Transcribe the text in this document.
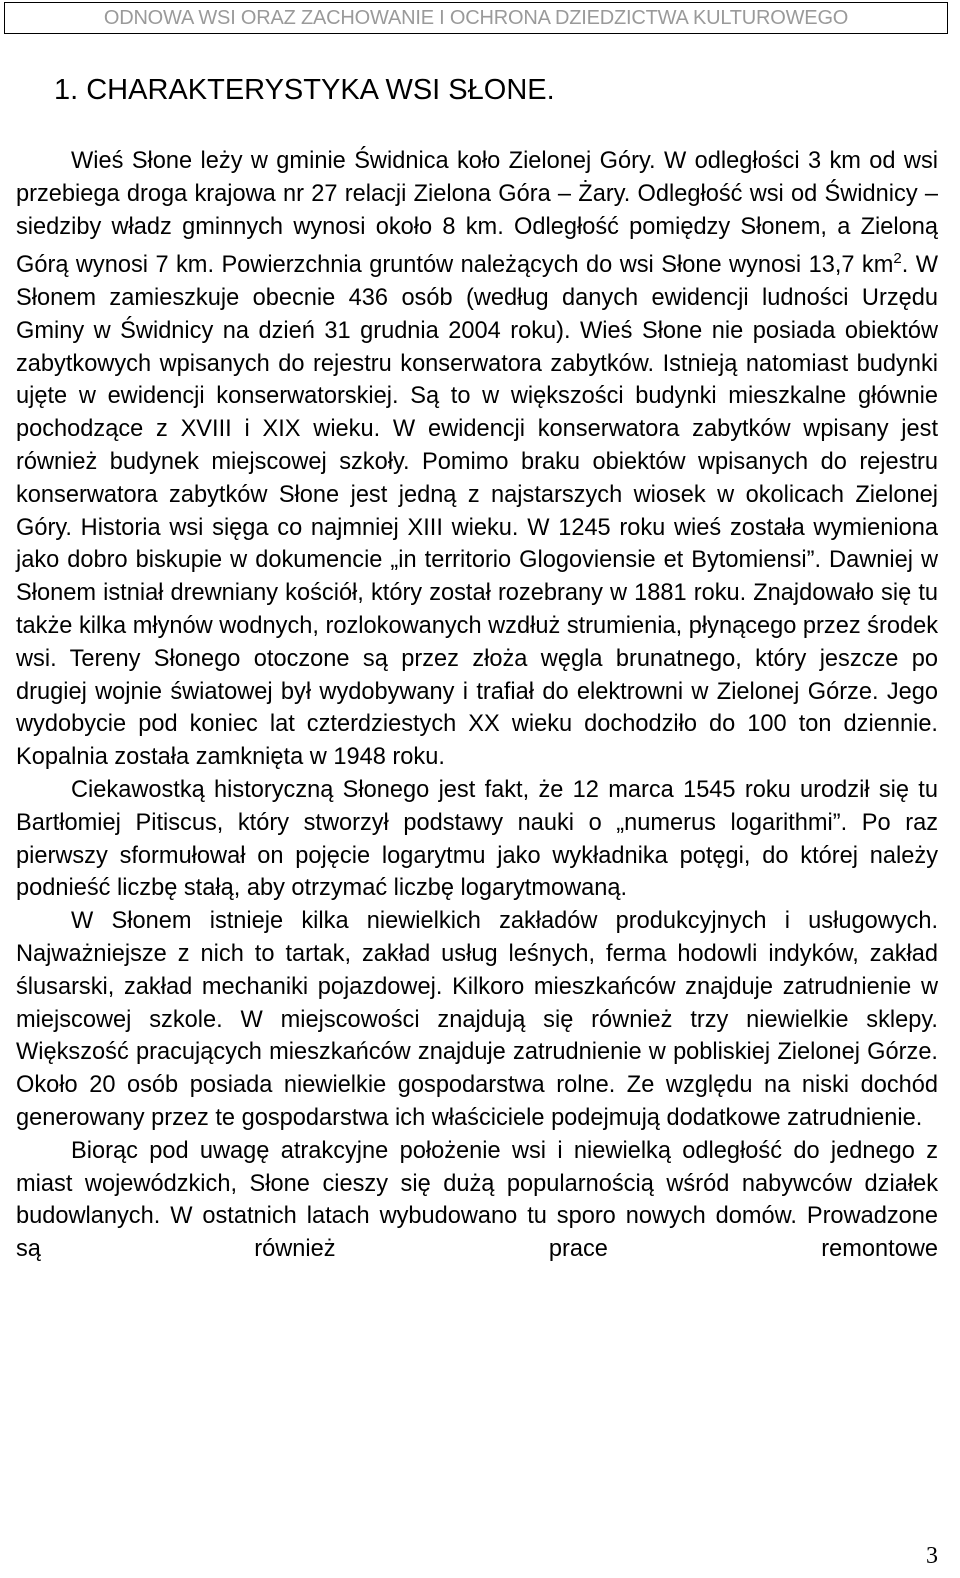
ODNOWA WSI ORAZ ZACHOWANIE I OCHRONA DZIEDZICTWA KULTUROWEGO
1. CHARAKTERYSTYKA WSI SŁONE.

Wieś Słone leży w gminie Świdnica koło Zielonej Góry. W odległości 3 km od wsi przebiega droga krajowa nr 27 relacji Zielona Góra – Żary. Odległość wsi od Świdnicy – siedziby władz gminnych wynosi około 8 km. Odległość pomiędzy Słonem, a Zieloną Górą wynosi 7 km. Powierzchnia gruntów należących do wsi Słone wynosi 13,7 $km^2$. W Słonem zamieszkuje obecnie 436 osób (według danych ewidencji ludności Urzędu Gminy w Świdnicy na dzień 31 grudnia 2004 roku). Wieś Słone nie posiada obiektów zabytkowych wpisanych do rejestru konserwatora zabytków. Istnieją natomiast budynki ujęte w ewidencji konserwatorskiej. Są to w większości budynki mieszkalne głównie pochodzące z XVIII i XIX wieku. W ewidencji konserwatora zabytków wpisany jest również budynek miejscowej szkoły. Pomimo braku obiektów wpisanych do rejestru konserwatora zabytków Słone jest jedną z najstarszych wiosek w okolicach Zielonej Góry. Historia wsi sięga co najmniej XIII wieku. W 1245 roku wieś została wymieniona jako dobro biskupie w dokumencie „in territorio Glogoviensie et Bytomiensi”. Dawniej w Słonem istniał drewniany kościół, który został rozebrany w 1881 roku. Znajdowało się tu także kilka młynów wodnych, rozlokowanych wzdłuż strumienia, płynącego przez środek wsi. Tereny Słonego otoczone są przez złoża węgla brunatnego, który jeszcze po drugiej wojnie światowej był wydobywany i trafiał do elektrowni w Zielonej Górze. Jego wydobycie pod koniec lat czterdziestych XX wieku dochodziło do 100 ton dziennie. Kopalnia została zamknięta w 1948 roku.

Ciekawostką historyczną Słonego jest fakt, że 12 marca 1545 roku urodził się tu Bartłomiej Pitiscus, który stworzył podstawy nauki o „numerus logarithmi”. Po raz pierwszy sformułował on pojęcie logarytmu jako wykładnika potęgi, do której należy podnieść liczbę stałą, aby otrzymać liczbę logarytmowaną.

W Słonem istnieje kilka niewielkich zakładów produkcyjnych i usługowych. Najważniejsze z nich to tartak, zakład usług leśnych, ferma hodowli indyków, zakład ślusarski, zakład mechaniki pojazdowej. Kilkoro mieszkańców znajduje zatrudnienie w miejscowej szkole. W miejscowości znajdują się również trzy niewielkie sklepy. Większość pracujących mieszkańców znajduje zatrudnienie w pobliskiej Zielonej Górze. Około 20 osób posiada niewielkie gospodarstwa rolne. Ze względu na niski dochód generowany przez te gospodarstwa ich właściciele podejmują dodatkowe zatrudnienie.

Biorąc pod uwagę atrakcyjne położenie wsi i niewielką odległość do jednego z miast wojewódzkich, Słone cieszy się dużą popularnością wśród nabywców działek budowlanych. W ostatnich latach wybudowano tu sporo nowych domów. Prowadzone są również prace remontowe

3
